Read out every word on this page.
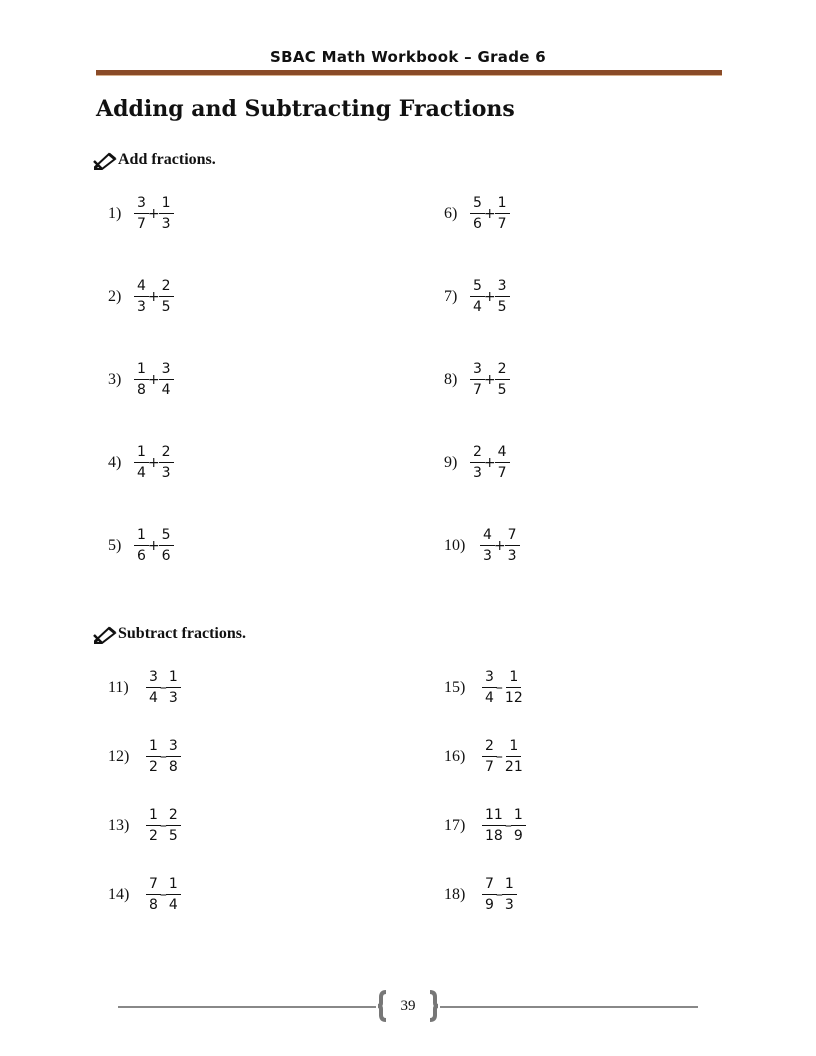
SBAC Math Workbook – Grade 6
Adding and Subtracting Fractions
Add fractions.
$1) \frac{3}{7} + \frac{1}{3}$
$2) \frac{4}{3} + \frac{2}{5}$
$3) \frac{1}{8} + \frac{3}{4}$
$4) \frac{1}{4} + \frac{2}{3}$
$5) \frac{1}{6} + \frac{5}{6}$
$6) \frac{5}{6} + \frac{1}{7}$
$7) \frac{5}{4} + \frac{3}{5}$
$8) \frac{3}{7} + \frac{2}{5}$
$9) \frac{2}{3} + \frac{4}{7}$
10)	$\frac{4}{3} + \frac{7}{3}$
Subtract fractions.
11)	$\frac{3}{4} - \frac{1}{3}$
12)	$\frac{1}{2} - \frac{3}{8}$
13)	$\frac{1}{2} - \frac{2}{5}$
14)	$\frac{7}{8} - \frac{1}{4}$
15)	$\frac{3}{4} - \frac{1}{12}$
16)	$\frac{2}{7} - \frac{1}{21}$
17)	$\frac{11}{18} - \frac{1}{9}$
18)	$\frac{7}{9} - \frac{1}{3}$
39
